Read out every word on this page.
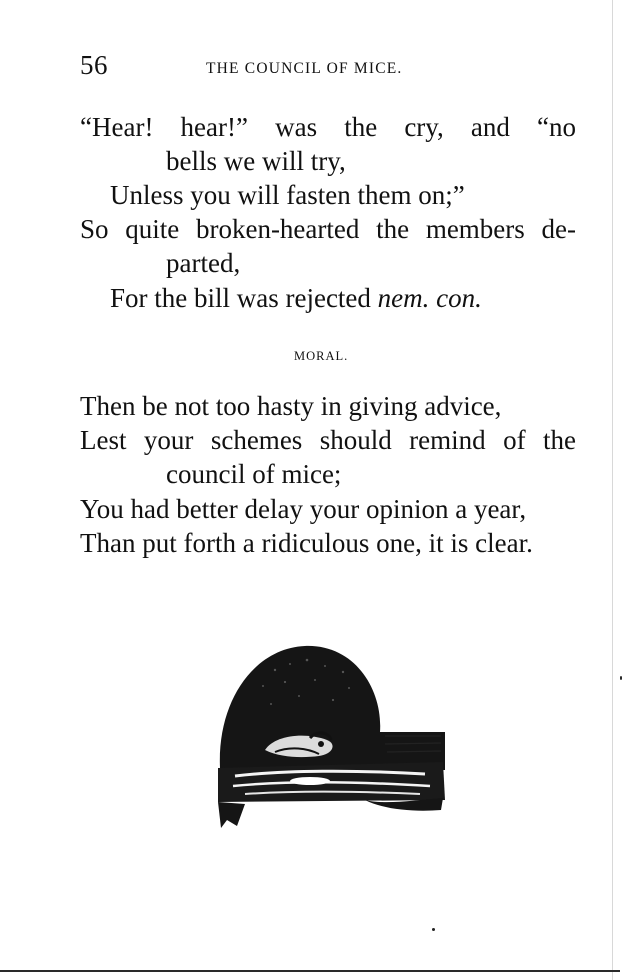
56	THE COUNCIL OF MICE.
“Hear! hear!” was the cry, and “no
bells we will try,
Unless you will fasten them on;”
So quite broken-hearted the members de-
parted,
For the bill was rejected nem. con.
MORAL.
Then be not too hasty in giving advice,
Lest your schemes should remind of the
council of mice;
You had better delay your opinion a year,
Than put forth a ridiculous one, it is clear.
